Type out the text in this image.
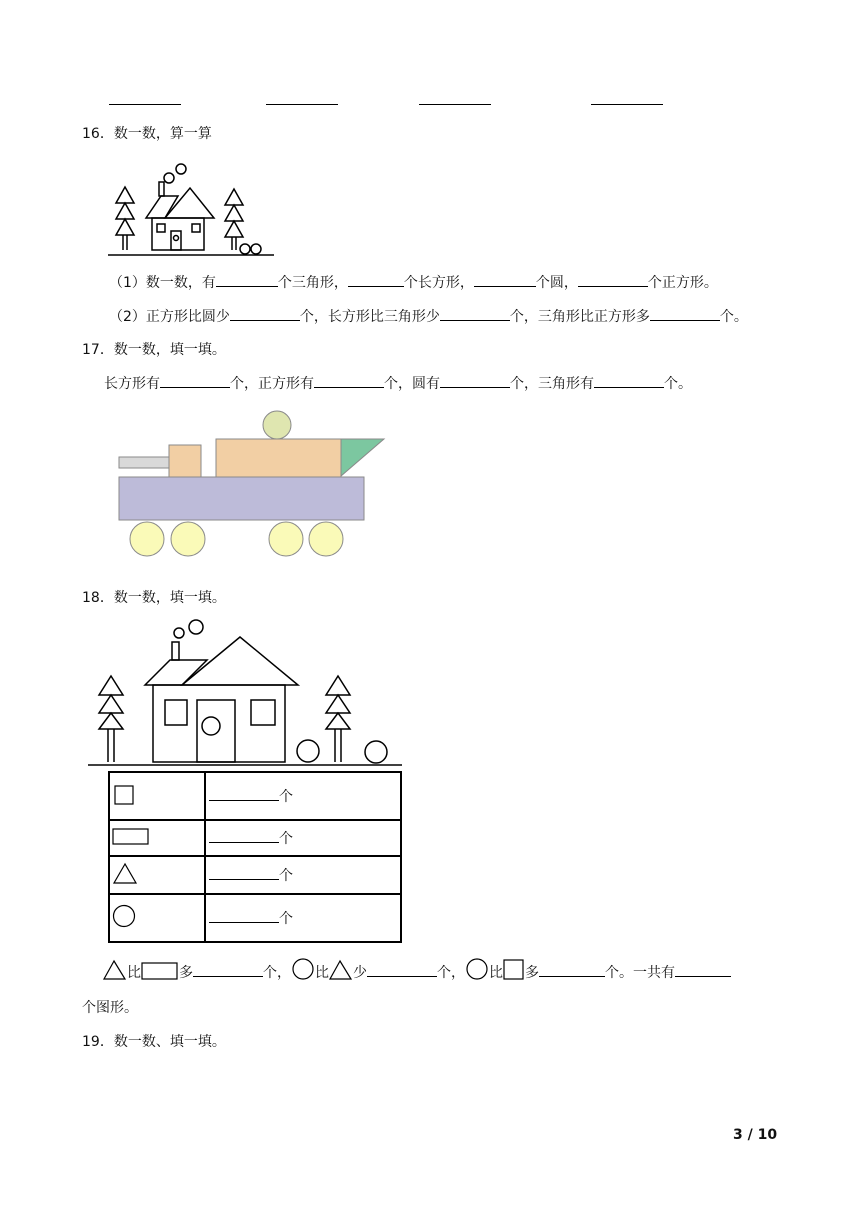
16．数一数，算一算
（1）数一数，有	个三角形，	个长方形，	个圆，	个正方形。
（2）正方形比圆少	个，长方形比三角形少	个，三角形比正方形多	个。
17．数一数，填一填。
长方形有	个，正方形有	个，圆有	个，三角形有	个。
18．数一数，填一填。
	个
	个
	个
	个
比	多	个， 比 少	个， 比 多	个。一共有
个图形。
19．数一数、填一填。
3 / 10
